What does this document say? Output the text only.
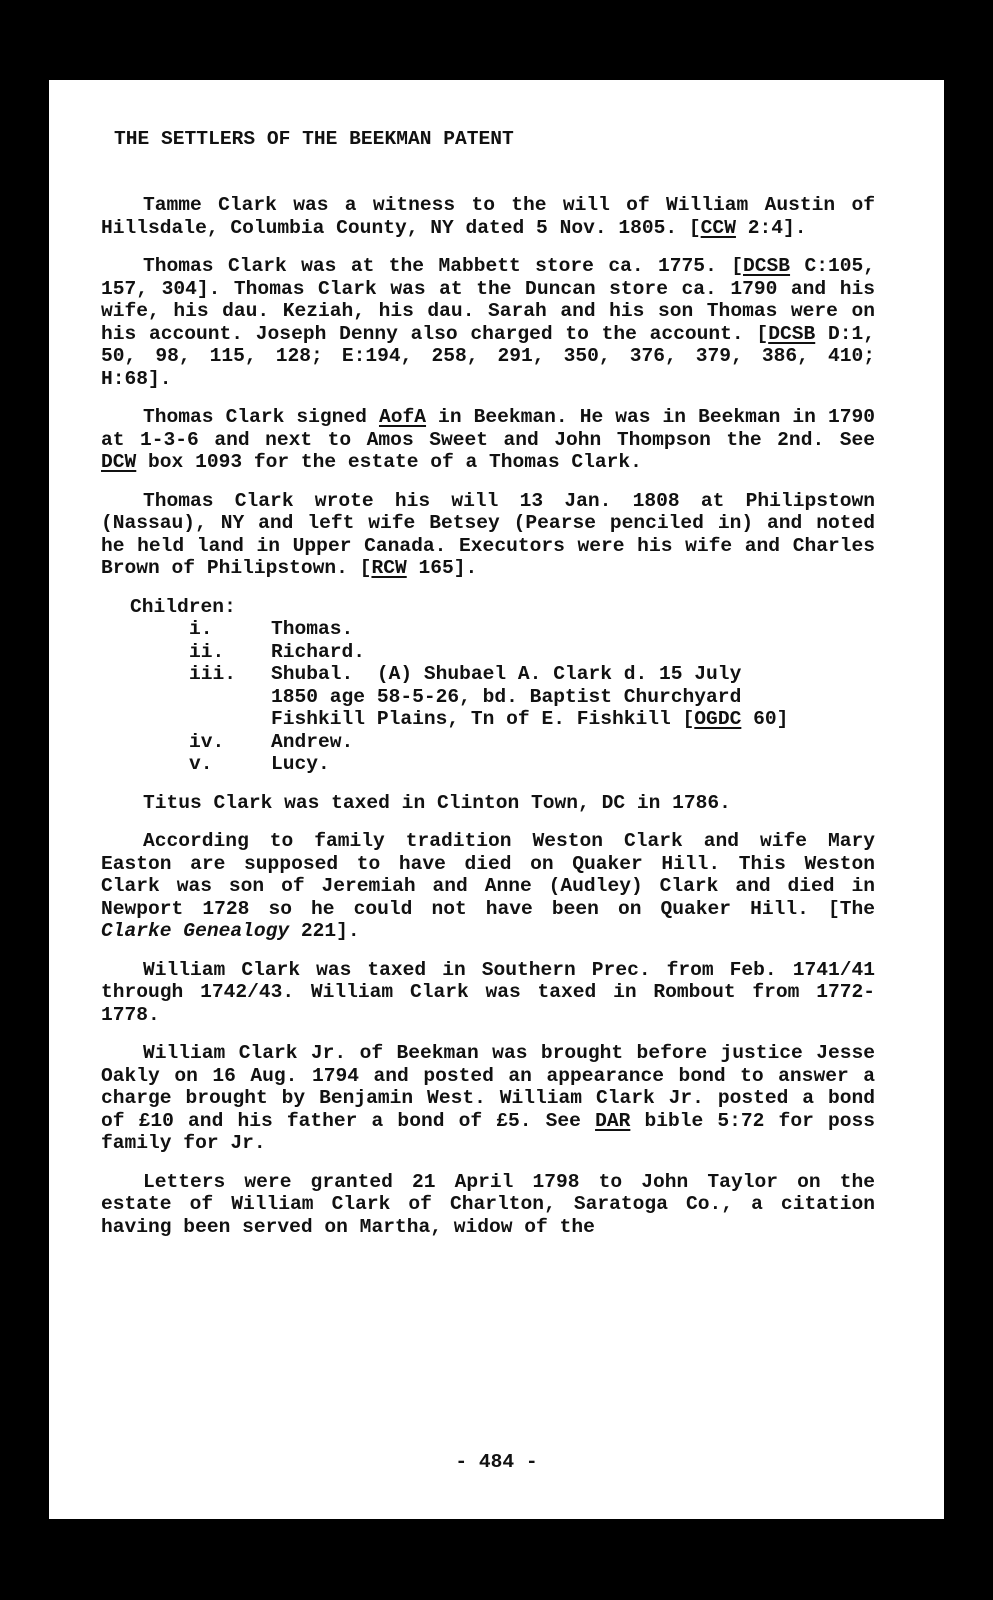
THE SETTLERS OF THE BEEKMAN PATENT

Tamme Clark was a witness to the will of William Austin of Hillsdale, Columbia County, NY dated 5 Nov. 1805. [CCW 2:4].

Thomas Clark was at the Mabbett store ca. 1775. [DCSB C:105, 157, 304]. Thomas Clark was at the Duncan store ca. 1790 and his wife, his dau. Keziah, his dau. Sarah and his son Thomas were on his account. Joseph Denny also charged to the account. [DCSB D:1, 50, 98, 115, 128; E:194, 258, 291, 350, 376, 379, 386, 410; H:68].

Thomas Clark signed AofA in Beekman. He was in Beekman in 1790 at 1-3-6 and next to Amos Sweet and John Thompson the 2nd. See DCW box 1093 for the estate of a Thomas Clark.

Thomas Clark wrote his will 13 Jan. 1808 at Philipstown (Nassau), NY and left wife Betsey (Pearse penciled in) and noted he held land in Upper Canada. Executors were his wife and Charles Brown of Philipstown. [RCW 165].

Children:
i.	Thomas.
ii.	Richard.
iii.	Shubal.  (A) Shubael A. Clark d. 15 July
1850 age 58-5-26, bd. Baptist Churchyard
Fishkill Plains, Tn of E. Fishkill [OGDC 60]
iv.	Andrew.
v.	Lucy.

Titus Clark was taxed in Clinton Town, DC in 1786.

According to family tradition Weston Clark and wife Mary Easton are supposed to have died on Quaker Hill. This Weston Clark was son of Jeremiah and Anne (Audley) Clark and died in Newport 1728 so he could not have been on Quaker Hill. [The Clarke Genealogy 221].

William Clark was taxed in Southern Prec. from Feb. 1741/41 through 1742/43. William Clark was taxed in Rombout from 1772-1778.

William Clark Jr. of Beekman was brought before justice Jesse Oakly on 16 Aug. 1794 and posted an appearance bond to answer a charge brought by Benjamin West. William Clark Jr. posted a bond of £10 and his father a bond of £5. See DAR bible 5:72 for poss family for Jr.

Letters were granted 21 April 1798 to John Taylor on the estate of William Clark of Charlton, Saratoga Co., a citation having been served on Martha, widow of the

- 484 -
